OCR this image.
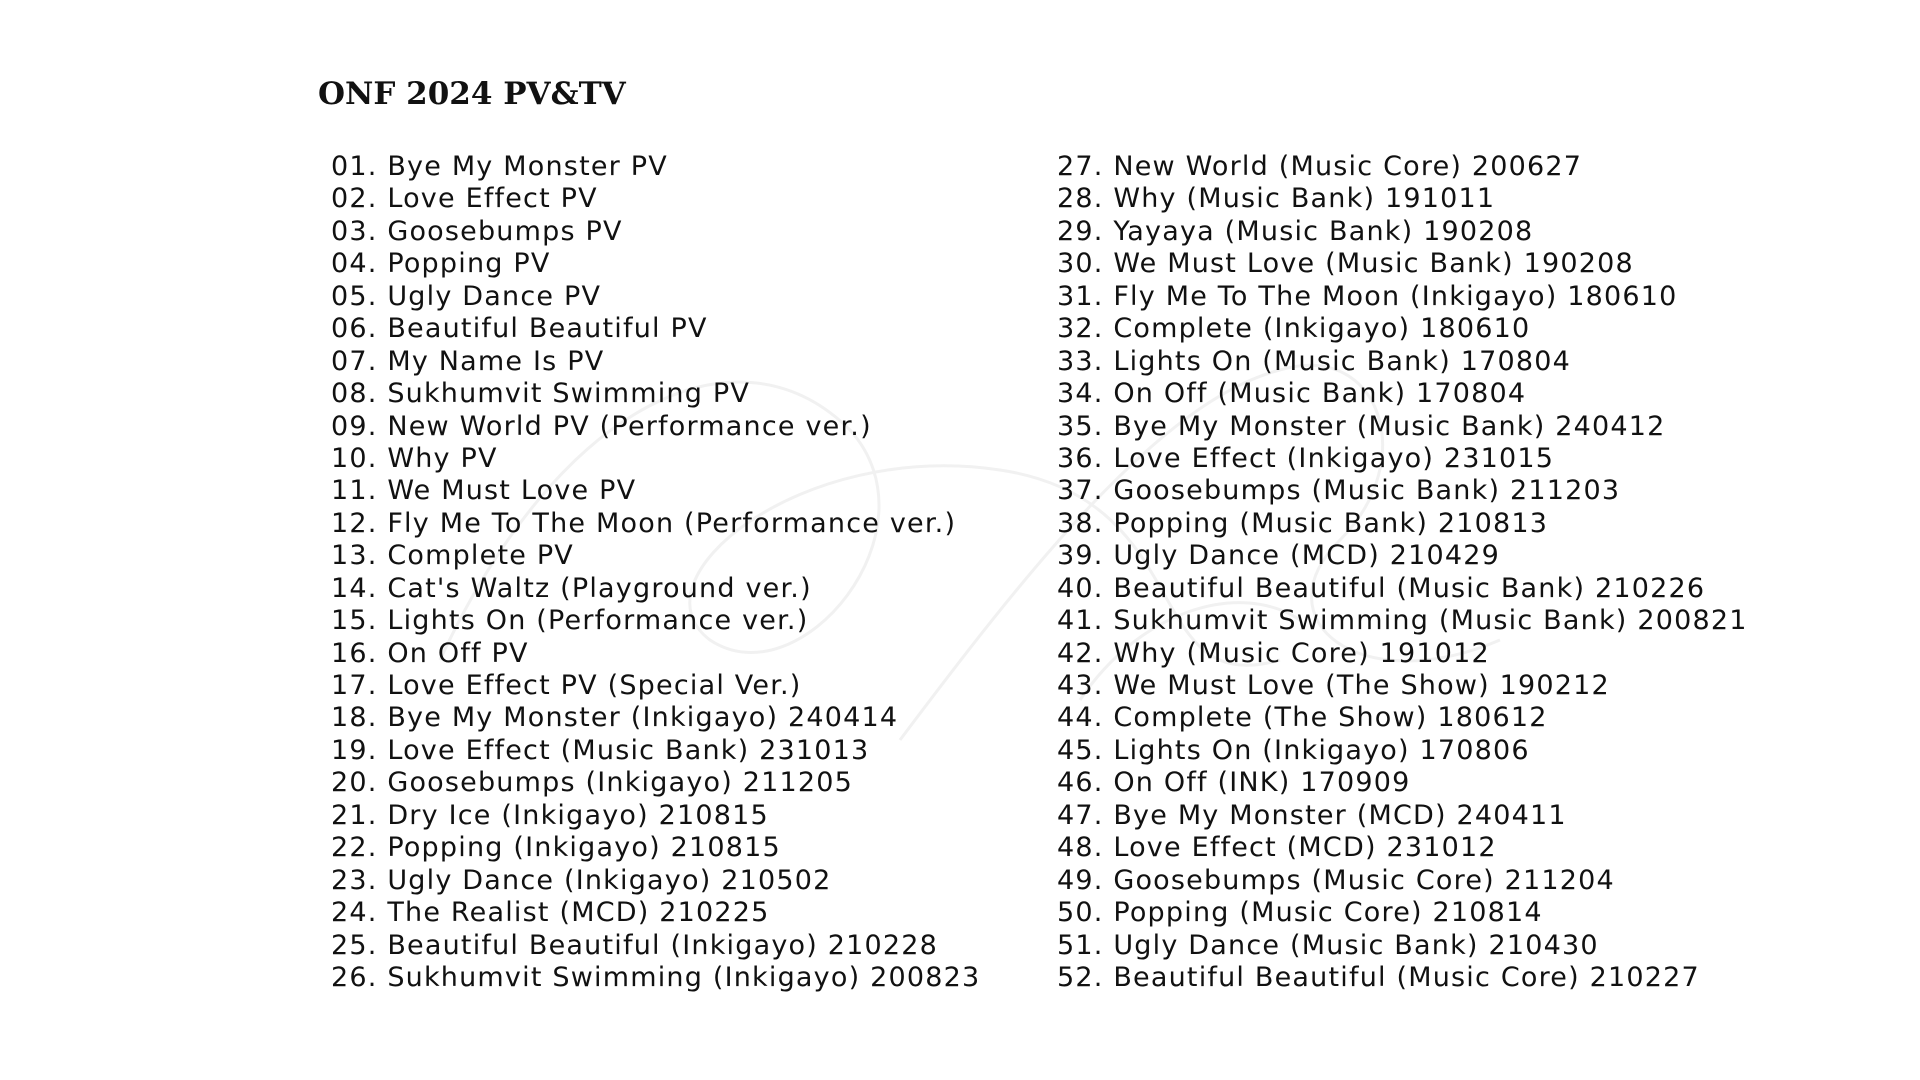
ONF 2024 PV&TV
01. Bye My Monster PV
02. Love Effect PV
03. Goosebumps PV
04. Popping PV
05. Ugly Dance PV
06. Beautiful Beautiful PV
07. My Name Is PV
08. Sukhumvit Swimming PV
09. New World PV (Performance ver.)
10. Why PV
11. We Must Love PV
12. Fly Me To The Moon (Performance ver.)
13. Complete PV
14. Cat's Waltz (Playground ver.)
15. Lights On (Performance ver.)
16. On Off PV
17. Love Effect PV (Special Ver.)
18. Bye My Monster (Inkigayo) 240414
19. Love Effect (Music Bank) 231013
20. Goosebumps (Inkigayo) 211205
21. Dry Ice (Inkigayo) 210815
22. Popping (Inkigayo) 210815
23. Ugly Dance (Inkigayo) 210502
24. The Realist (MCD) 210225
25. Beautiful Beautiful (Inkigayo) 210228
26. Sukhumvit Swimming (Inkigayo) 200823
27. New World (Music Core) 200627
28. Why (Music Bank) 191011
29. Yayaya (Music Bank) 190208
30. We Must Love (Music Bank) 190208
31. Fly Me To The Moon (Inkigayo) 180610
32. Complete (Inkigayo) 180610
33. Lights On (Music Bank) 170804
34. On Off (Music Bank) 170804
35. Bye My Monster (Music Bank) 240412
36. Love Effect (Inkigayo) 231015
37. Goosebumps (Music Bank) 211203
38. Popping (Music Bank) 210813
39. Ugly Dance (MCD) 210429
40. Beautiful Beautiful (Music Bank) 210226
41. Sukhumvit Swimming (Music Bank) 200821
42. Why (Music Core) 191012
43. We Must Love (The Show) 190212
44. Complete (The Show) 180612
45. Lights On (Inkigayo) 170806
46. On Off (INK) 170909
47. Bye My Monster (MCD) 240411
48. Love Effect (MCD) 231012
49. Goosebumps (Music Core) 211204
50. Popping (Music Core) 210814
51. Ugly Dance (Music Bank) 210430
52. Beautiful Beautiful (Music Core) 210227
